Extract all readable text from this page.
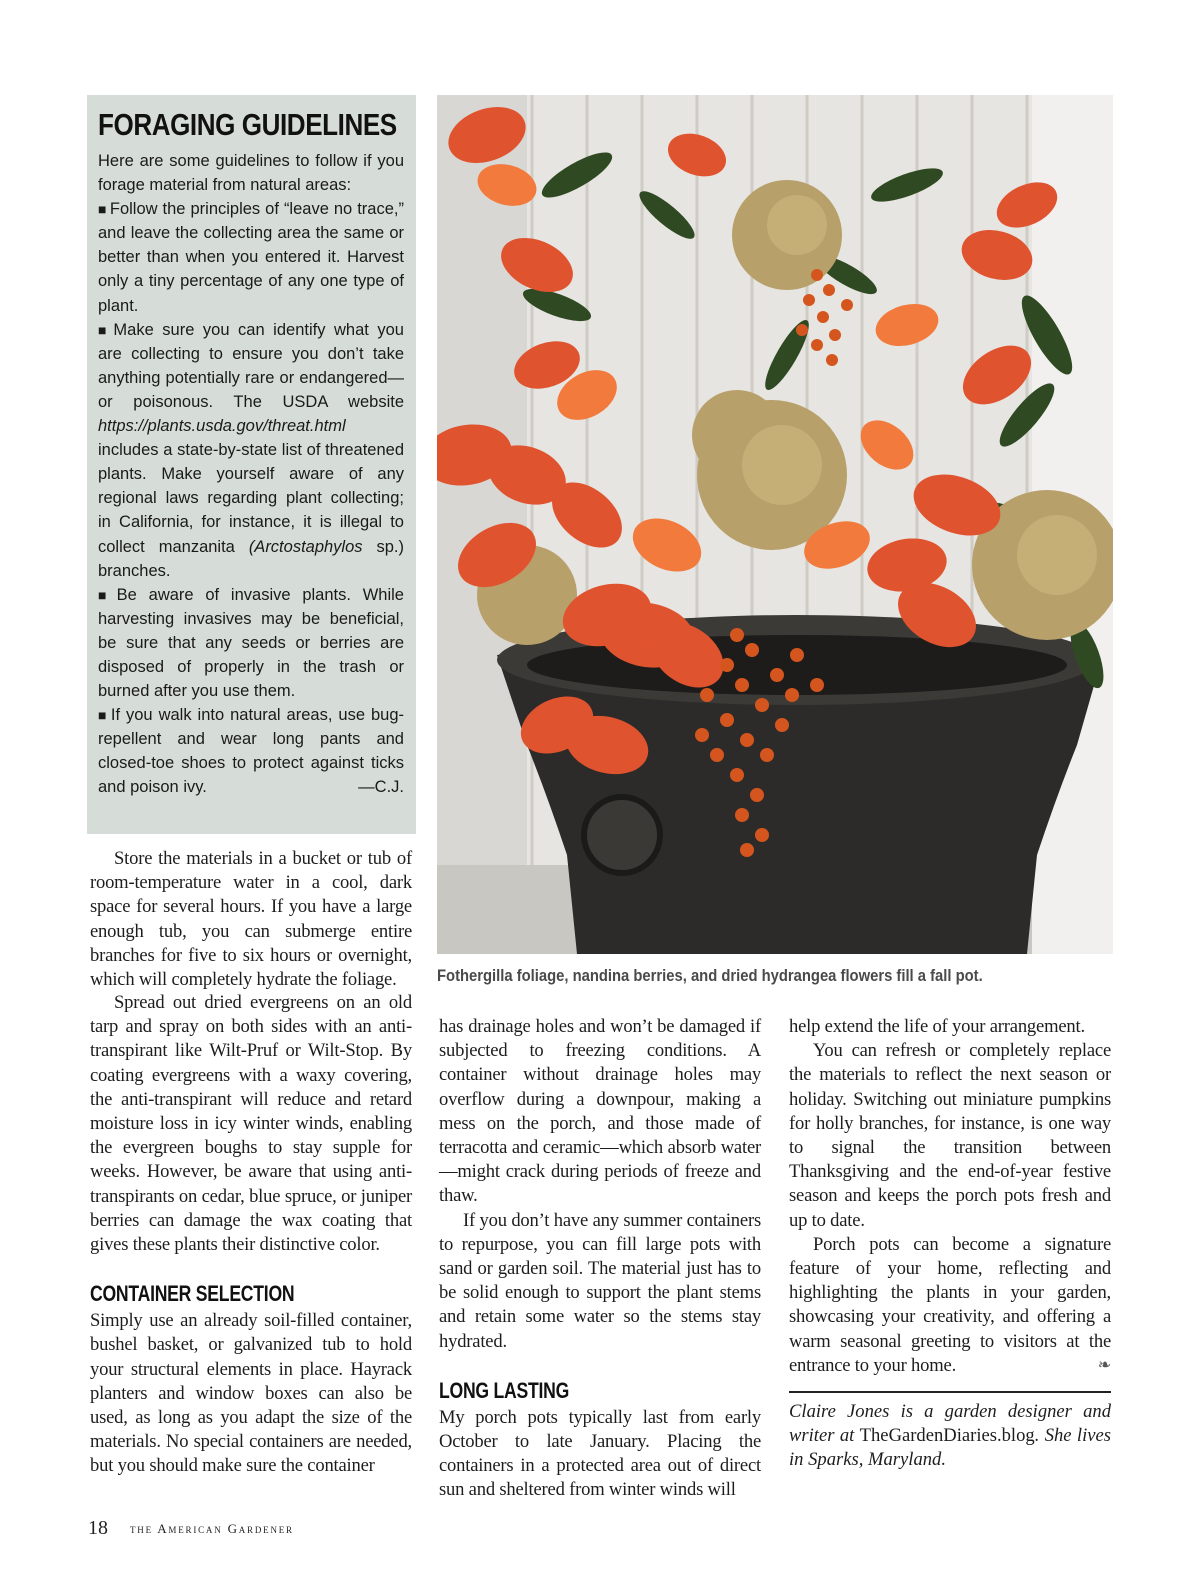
FORAGING GUIDELINES

Here are some guidelines to follow if you forage material from natural areas:

■ Follow the principles of “leave no trace,” and leave the collecting area the same or better than when you entered it. Harvest only a tiny percentage of any one type of plant.

■ Make sure you can identify what you are collecting to ensure you don’t take anything potentially rare or endangered—or poisonous. The USDA website https://plants.usda.gov/threat.html includes a state-by-state list of threatened plants. Make yourself aware of any regional laws regarding plant collecting; in California, for instance, it is illegal to collect manzanita (Arctostaphylos sp.) branches.

■ Be aware of invasive plants. While harvesting invasives may be beneficial, be sure that any seeds or berries are disposed of properly in the trash or burned after you use them.

■ If you walk into natural areas, use bug-repellent and wear long pants and closed-toe shoes to protect against ticks and poison ivy.	—C.J.

Fothergilla foliage, nandina berries, and dried hydrangea flowers fill a fall pot.

Store the materials in a bucket or tub of room-temperature water in a cool, dark space for several hours. If you have a large enough tub, you can submerge entire branches for five to six hours or overnight, which will completely hydrate the foliage.

Spread out dried evergreens on an old tarp and spray on both sides with an anti-transpirant like Wilt-Pruf or Wilt-Stop. By coating evergreens with a waxy covering, the anti-transpirant will reduce and retard moisture loss in icy winter winds, enabling the evergreen boughs to stay supple for weeks. However, be aware that using anti-transpirants on cedar, blue spruce, or juniper berries can damage the wax coating that gives these plants their distinctive color.

CONTAINER SELECTION

Simply use an already soil-filled container, bushel basket, or galvanized tub to hold your structural elements in place. Hayrack planters and window boxes can also be used, as long as you adapt the size of the materials. No special containers are needed, but you should make sure the container

has drainage holes and won’t be damaged if subjected to freezing conditions. A container without drainage holes may overflow during a downpour, making a mess on the porch, and those made of terracotta and ceramic—which absorb water—might crack during periods of freeze and thaw.

If you don’t have any summer containers to repurpose, you can fill large pots with sand or garden soil. The material just has to be solid enough to support the plant stems and retain some water so the stems stay hydrated.

LONG LASTING

My porch pots typically last from early October to late January. Placing the containers in a protected area out of direct sun and sheltered from winter winds will

help extend the life of your arrangement.

You can refresh or completely replace the materials to reflect the next season or holiday. Switching out miniature pumpkins for holly branches, for instance, is one way to signal the transition between Thanksgiving and the end-of-year festive season and keeps the porch pots fresh and up to date.

Porch pots can become a signature feature of your home, reflecting and highlighting the plants in your garden, showcasing your creativity, and offering a warm seasonal greeting to visitors at the entrance to your home.	❧

Claire Jones is a garden designer and writer at TheGardenDiaries.blog. She lives in Sparks, Maryland.
18 the American Gardener
